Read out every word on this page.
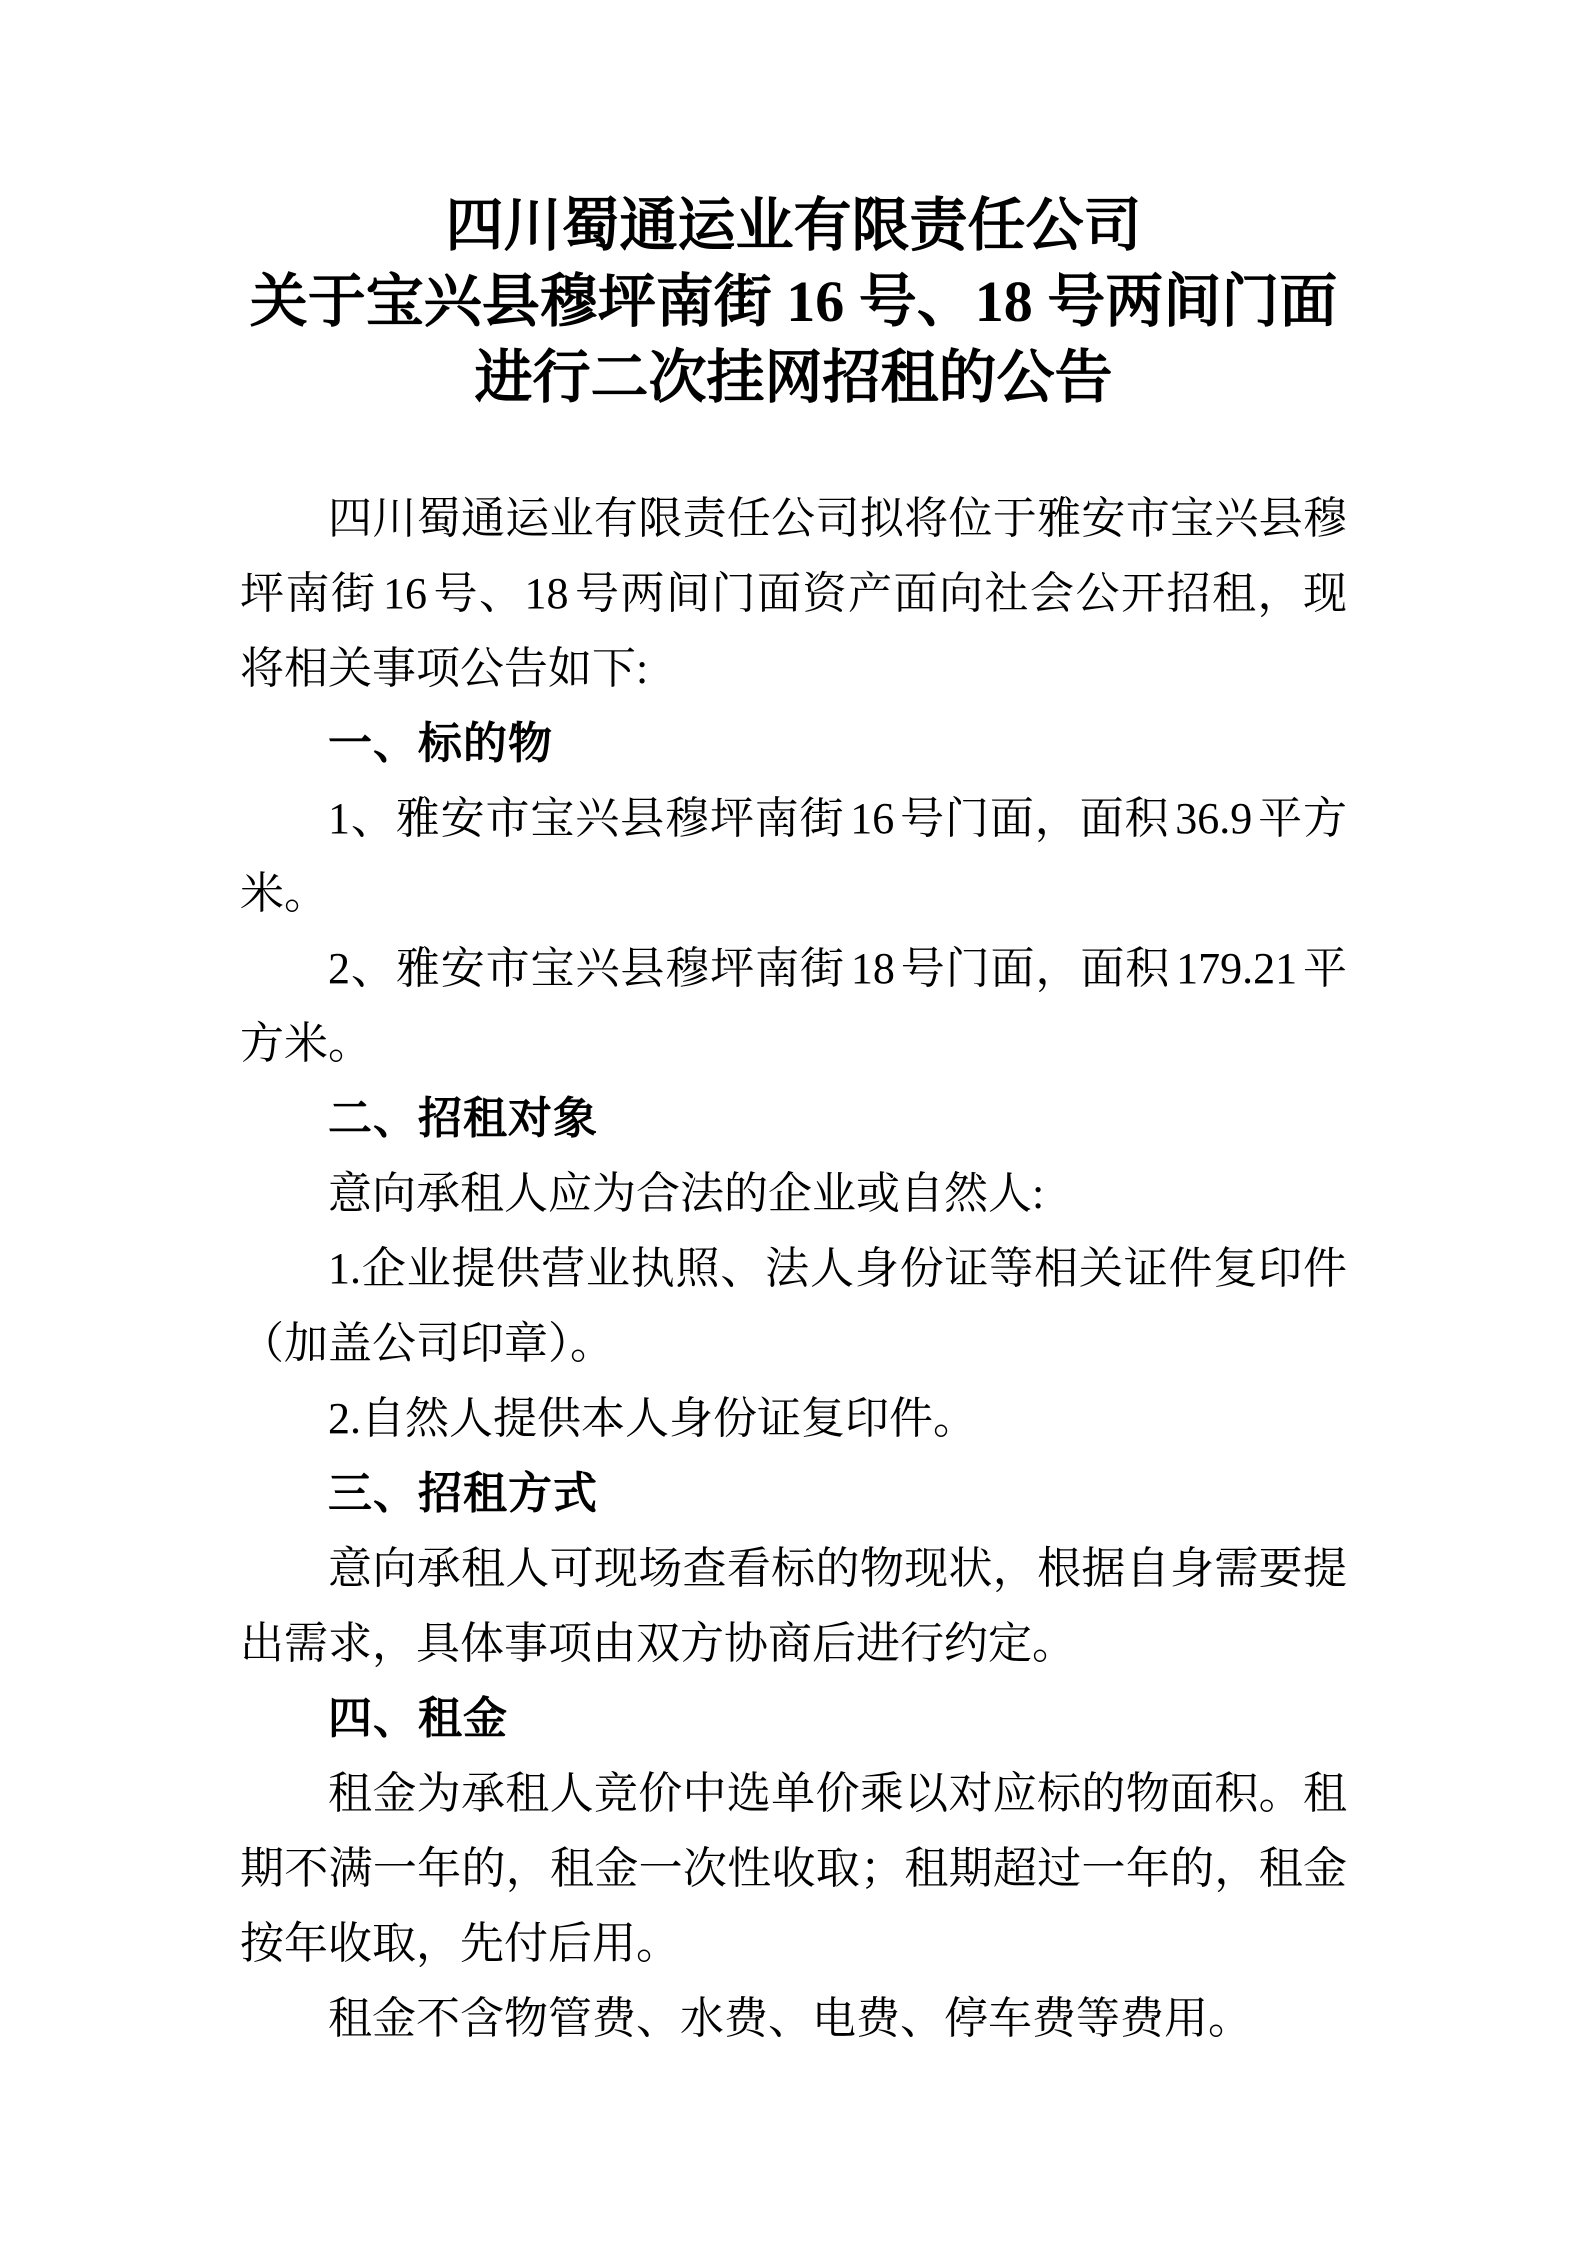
四川蜀通运业有限责任公司
关于宝兴县穆坪南街 16 号、18 号两间门面
进行二次挂网招租的公告

四川蜀通运业有限责任公司拟将位于雅安市宝兴县穆坪南街 16 号、18 号两间门面资产面向社会公开招租，现将相关事项公告如下:

一、标的物

1、雅安市宝兴县穆坪南街 16 号门面，面积 36.9 平方米。

2、雅安市宝兴县穆坪南街 18 号门面，面积 179.21 平方米。

二、招租对象

意向承租人应为合法的企业或自然人:

1.企业提供营业执照、法人身份证等相关证件复印件（加盖公司印章）。

2.自然人提供本人身份证复印件。

三、招租方式

意向承租人可现场查看标的物现状，根据自身需要提出需求，具体事项由双方协商后进行约定。

四、租金

租金为承租人竞价中选单价乘以对应标的物面积。租期不满一年的，租金一次性收取；租期超过一年的，租金按年收取，先付后用。

租金不含物管费、水费、电费、停车费等费用。
